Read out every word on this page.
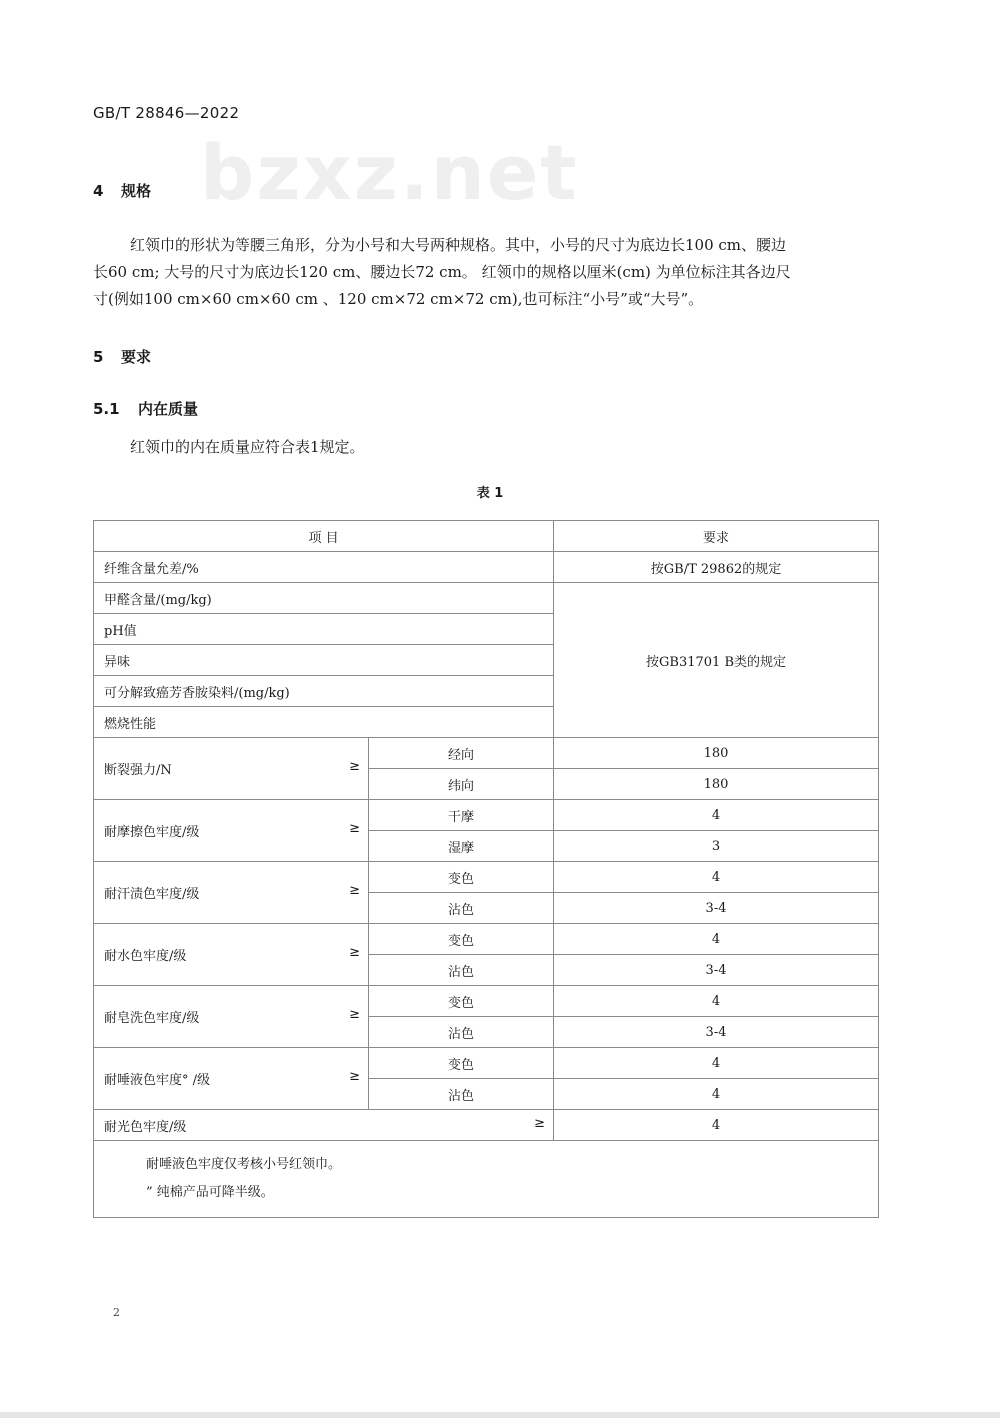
GB/T 28846—2022
bzxz.net
4 规格

红领巾的形状为等腰三角形，分为小号和大号两种规格。其中，小号的尺寸为底边长100 cm、腰边

长60 cm; 大号的尺寸为底边长120 cm、腰边长72 cm。 红领巾的规格以厘米(cm) 为单位标注其各边尺

寸(例如100 cm×60 cm×60 cm 、120 cm×72 cm×72 cm),也可标注“小号”或“大号”。

5 要求
5.1 内在质量
红领巾的内在质量应符合表1规定。
表 1
项 目		要求
纤维含量允差/%		按GB/T 29862的规定
甲醛含量/(mg/kg)		按GB31701 B类的规定
pH值		
异味		
可分解致癌芳香胺染料/(mg/kg)		
燃烧性能		
断裂强力/N ≥	经向	180
	纬向	180
耐摩擦色牢度/级 ≥	干摩	4
	湿摩	3
耐汗渍色牢度/级 ≥	变色	4
	沾色	3-4
耐水色牢度/级 ≥	变色	4
	沾色	3-4
耐皂洗色牢度/级 ≥	变色	4
	沾色	3-4
耐唾液色牢度° /级 ≥	变色	4
	沾色	4
耐光色牢度/级 ≥		4

耐唾液色牢度仅考核小号红领巾。
” 纯棉产品可降半级。		
2
